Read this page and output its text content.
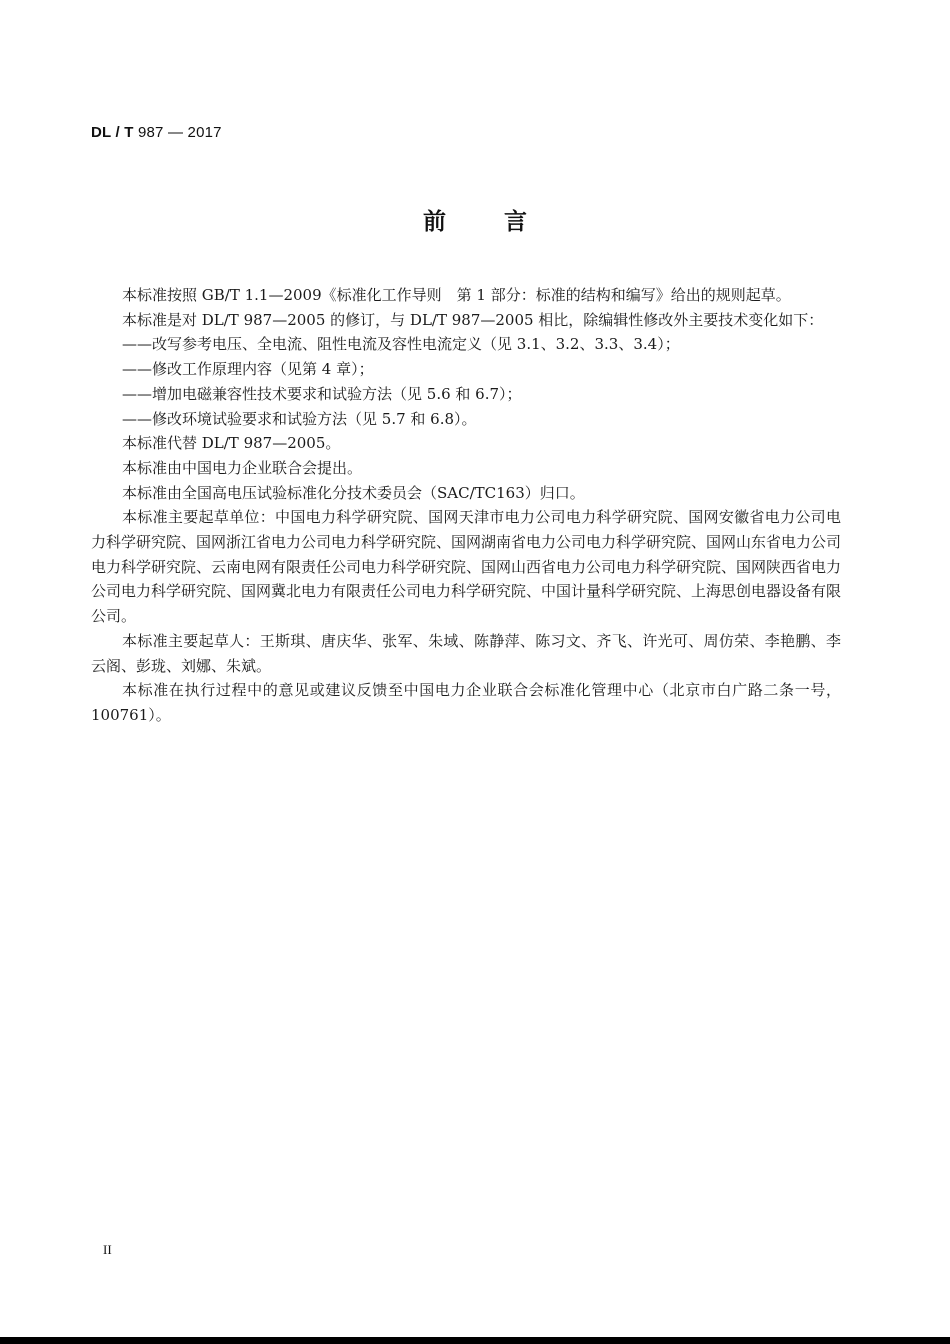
DL / T 987 — 2017
前言

本标准按照 GB/T 1.1—2009《标准化工作导则　第 1 部分：标准的结构和编写》给出的规则起草。

本标准是对 DL/T 987—2005 的修订，与 DL/T 987—2005 相比，除编辑性修改外主要技术变化如下：

——改写参考电压、全电流、阻性电流及容性电流定义（见 3.1、3.2、3.3、3.4）；

——修改工作原理内容（见第 4 章）；

——增加电磁兼容性技术要求和试验方法（见 5.6 和 6.7）；

——修改环境试验要求和试验方法（见 5.7 和 6.8）。

本标准代替 DL/T 987—2005。

本标准由中国电力企业联合会提出。

本标准由全国高电压试验标准化分技术委员会（SAC/TC163）归口。

本标准主要起草单位：中国电力科学研究院、国网天津市电力公司电力科学研究院、国网安徽省电力公司电力科学研究院、国网浙江省电力公司电力科学研究院、国网湖南省电力公司电力科学研究院、国网山东省电力公司电力科学研究院、云南电网有限责任公司电力科学研究院、国网山西省电力公司电力科学研究院、国网陕西省电力公司电力科学研究院、国网冀北电力有限责任公司电力科学研究院、中国计量科学研究院、上海思创电器设备有限公司。

本标准主要起草人：王斯琪、唐庆华、张军、朱域、陈静萍、陈习文、齐飞、许光可、周仿荣、李艳鹏、李云阁、彭珑、刘娜、朱斌。

本标准在执行过程中的意见或建议反馈至中国电力企业联合会标准化管理中心（北京市白广路二条一号，100761）。

II
